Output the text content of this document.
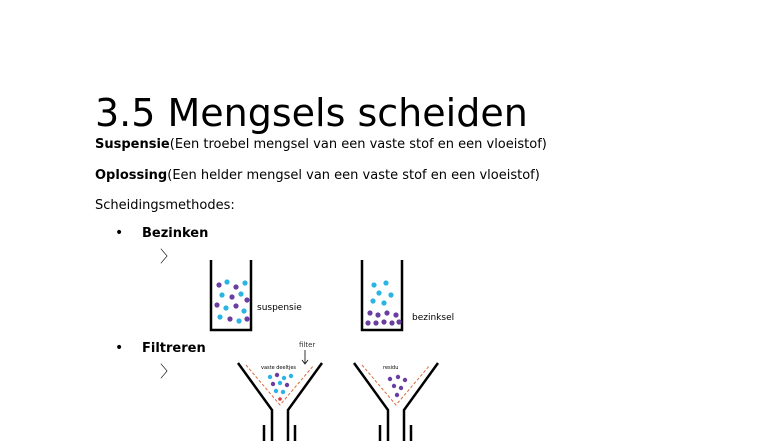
3.5 Mengsels scheiden
Suspensie(Een troebel mengsel van een vaste stof en een vloeistof)
Oplossing(Een helder mengsel van een vaste stof en een vloeistof)
Scheidingsmethodes:
• Bezinken
〉
• Filtreren
〉
suspensie
bezinksel
vaste deeltjes
filter
residu
